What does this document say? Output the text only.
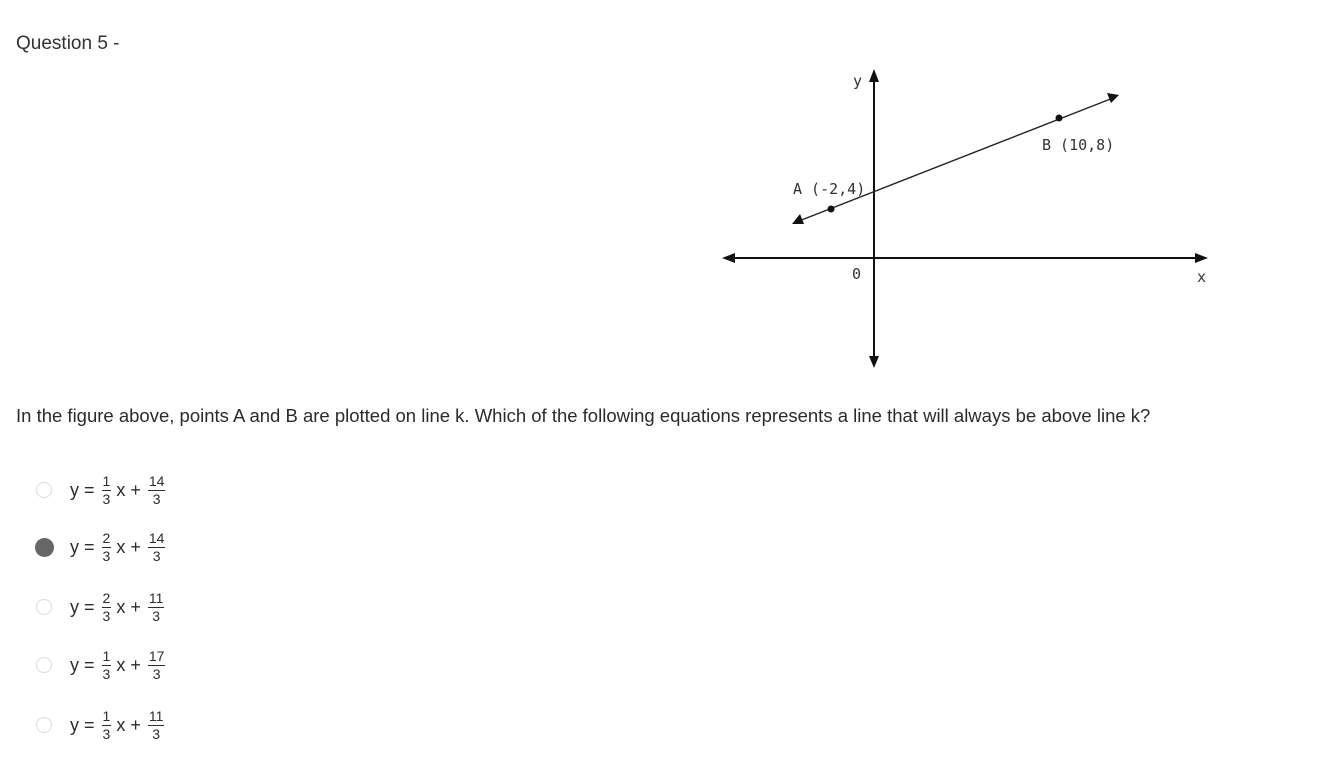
Question 5 -
y
x
0
A (-2,4)
B (10,8)
In the figure above, points A and B are plotted on line k. Which of the following equations represents a line that will always be above line k?
$y = \frac{1}{3}$ $x + \frac{14}{3}$
$y = \frac{2}{3}$ $x + \frac{14}{3}$
$y = \frac{2}{3}$ $x + \frac{11}{3}$
$y = \frac{1}{3}$ $x + \frac{17}{3}$
$y = \frac{1}{3}$ $x + \frac{11}{3}$
